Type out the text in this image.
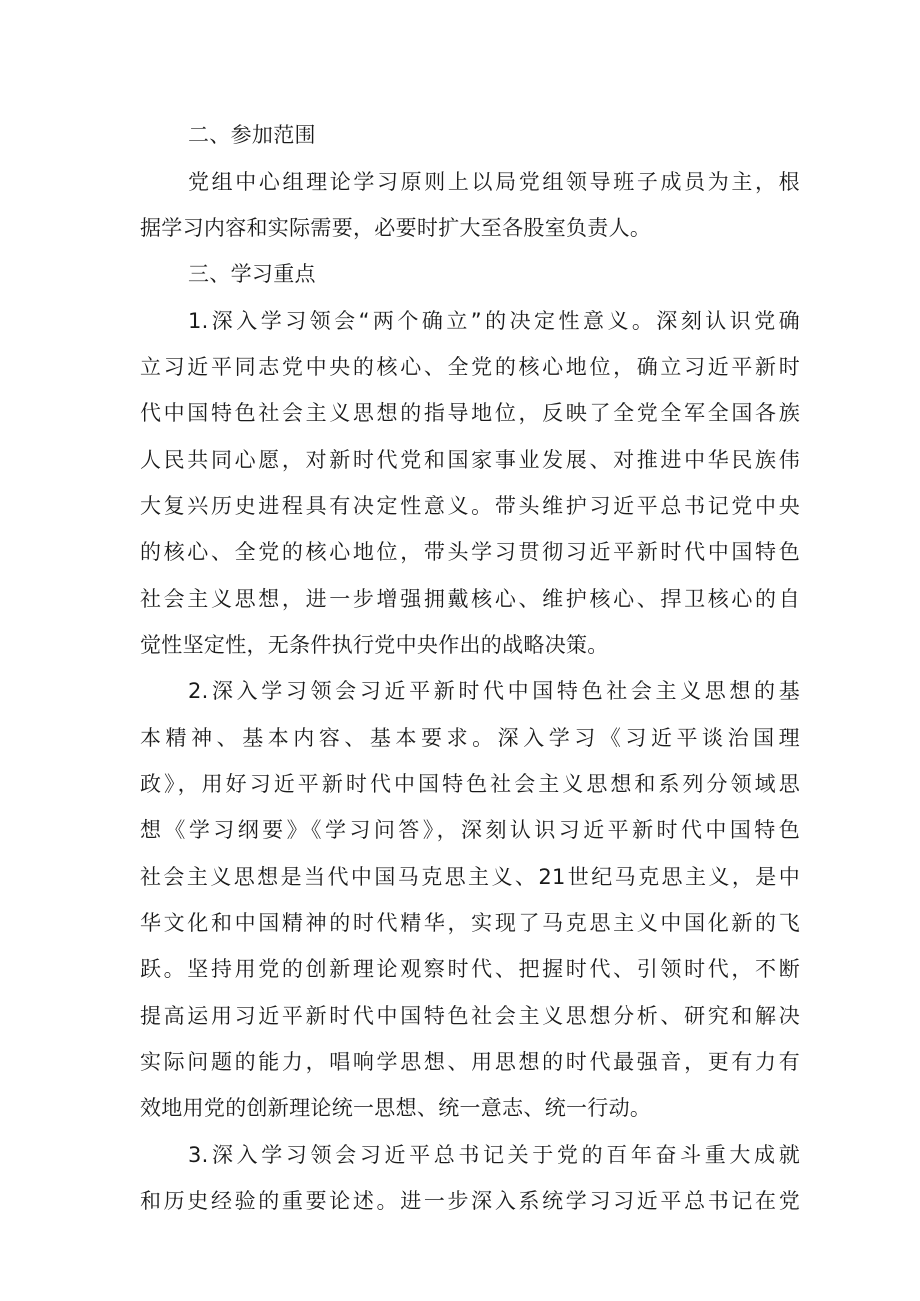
二、参加范围
党组中心组理论学习原则上以局党组领导班子成员为主，根
据学习内容和实际需要，必要时扩大至各股室负责人。
三、学习重点
1.深入学习领会“两个确立”的决定性意义。深刻认识党确
立习近平同志党中央的核心、全党的核心地位，确立习近平新时
代中国特色社会主义思想的指导地位，反映了全党全军全国各族
人民共同心愿，对新时代党和国家事业发展、对推进中华民族伟
大复兴历史进程具有决定性意义。带头维护习近平总书记党中央
的核心、全党的核心地位，带头学习贯彻习近平新时代中国特色
社会主义思想，进一步增强拥戴核心、维护核心、捍卫核心的自
觉性坚定性，无条件执行党中央作出的战略决策。
2.深入学习领会习近平新时代中国特色社会主义思想的基
本精神、基本内容、基本要求。深入学习《习近平谈治国理
政》，用好习近平新时代中国特色社会主义思想和系列分领域思
想《学习纲要》《学习问答》，深刻认识习近平新时代中国特色
社会主义思想是当代中国马克思主义、21世纪马克思主义，是中
华文化和中国精神的时代精华，实现了马克思主义中国化新的飞
跃。坚持用党的创新理论观察时代、把握时代、引领时代，不断
提高运用习近平新时代中国特色社会主义思想分析、研究和解决
实际问题的能力，唱响学思想、用思想的时代最强音，更有力有
效地用党的创新理论统一思想、统一意志、统一行动。
3.深入学习领会习近平总书记关于党的百年奋斗重大成就
和历史经验的重要论述。进一步深入系统学习习近平总书记在党
